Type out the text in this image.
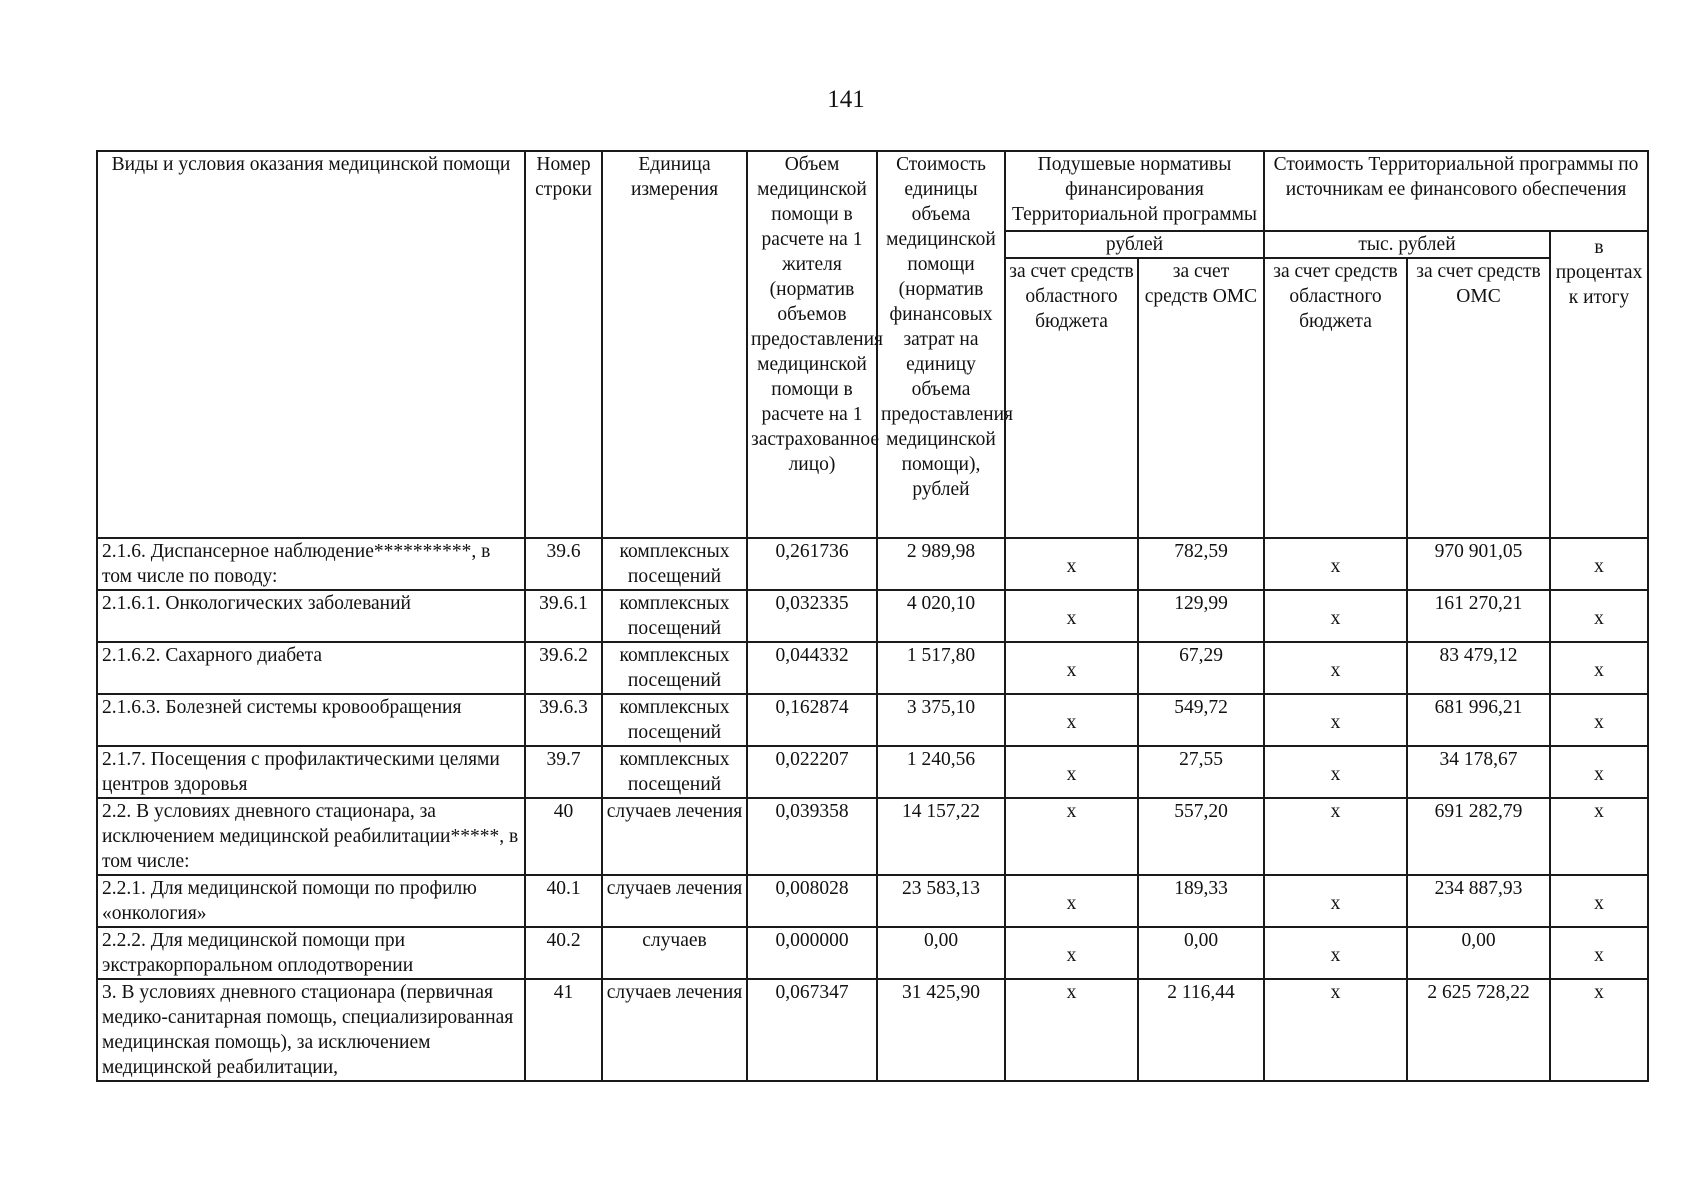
141
Виды и условия оказания медицинской помощи	Номер строки	Единица измерения	Объем медицинской помощи в расчете на 1 жителя (норматив объемов предоставления медицинской помощи в расчете на 1 застрахованное лицо)	Стоимость единицы объема медицинской помощи (норматив финансовых затрат на единицу объема предоставления медицинской помощи), рублей	Подушевые нормативы финансирования Территориальной программы		Стоимость Территориальной программы по источникам ее финансового обеспечения		
					рублей		тыс. рублей		в процентах к итогу
					за счет средств областного бюджета	за счет средств ОМС	за счет средств областного бюджета	за счет средств ОМС	
2.1.6. Диспансерное наблюдение**********, в том числе по поводу:	39.6	комплексных посещений	0,261736	2 989,98	х	782,59	х	970 901,05	х
2.1.6.1. Онкологических заболеваний	39.6.1	комплексных посещений	0,032335	4 020,10	х	129,99	х	161 270,21	х
2.1.6.2. Сахарного диабета	39.6.2	комплексных посещений	0,044332	1 517,80	х	67,29	х	83 479,12	х
2.1.6.3. Болезней системы кровообращения	39.6.3	комплексных посещений	0,162874	3 375,10	х	549,72	х	681 996,21	х
2.1.7. Посещения с профилактическими целями центров здоровья	39.7	комплексных посещений	0,022207	1 240,56	х	27,55	х	34 178,67	х
2.2. В условиях дневного стационара, за исключением медицинской реабилитации*****, в том числе:	40	случаев лечения	0,039358	14 157,22	х	557,20	х	691 282,79	х
2.2.1. Для медицинской помощи по профилю «онкология»	40.1	случаев лечения	0,008028	23 583,13	х	189,33	х	234 887,93	х
2.2.2. Для медицинской помощи при экстракорпоральном оплодотворении	40.2	случаев	0,000000	0,00	х	0,00	х	0,00	х
3. В условиях дневного стационара (первичная медико-санитарная помощь, специализированная медицинская помощь), за исключением медицинской реабилитации,	41	случаев лечения	0,067347	31 425,90	х	2 116,44	х	2 625 728,22	х
